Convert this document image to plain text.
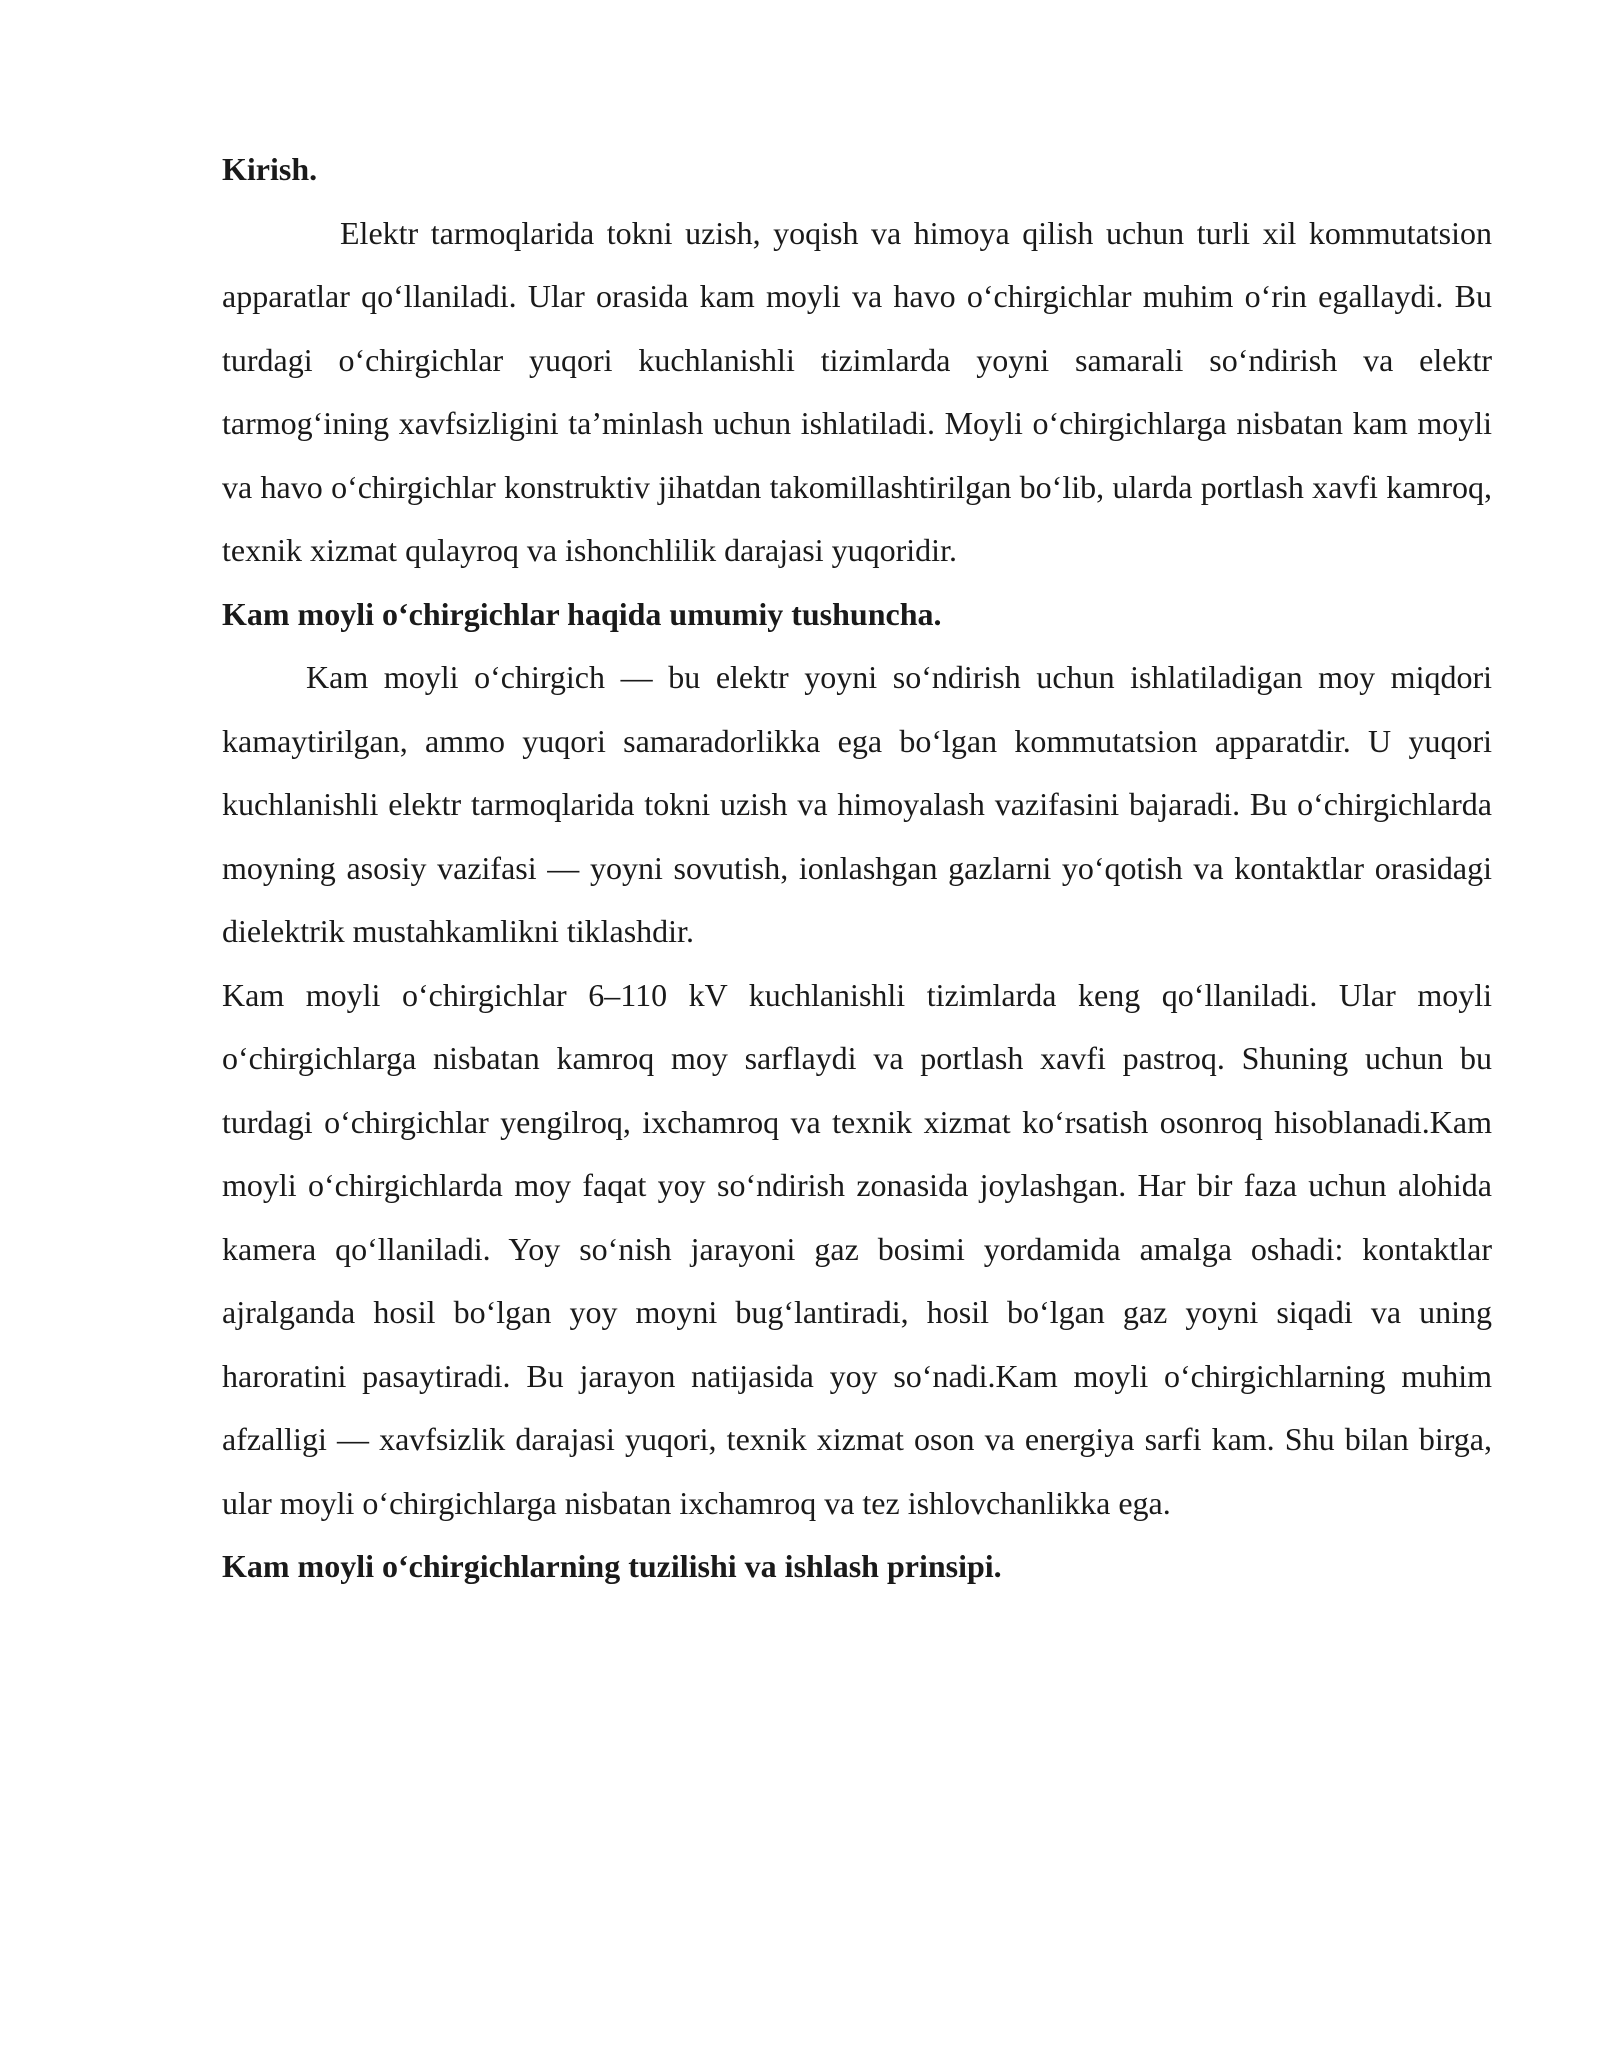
Kirish.

Elektr tarmoqlarida tokni uzish, yoqish va himoya qilish uchun turli xil kommutatsion apparatlar qo‘llaniladi. Ular orasida kam moyli va havo o‘chirgichlar muhim o‘rin egallaydi. Bu turdagi o‘chirgichlar yuqori kuchlanishli tizimlarda yoyni samarali so‘ndirish va elektr tarmog‘ining xavfsizligini ta’minlash uchun ishlatiladi. Moyli o‘chirgichlarga nisbatan kam moyli va havo o‘chirgichlar konstruktiv jihatdan takomillashtirilgan bo‘lib, ularda portlash xavfi kamroq, texnik xizmat qulayroq va ishonchlilik darajasi yuqoridir.

Kam moyli o‘chirgichlar haqida umumiy tushuncha.

Kam moyli o‘chirgich — bu elektr yoyni so‘ndirish uchun ishlatiladigan moy miqdori kamaytirilgan, ammo yuqori samaradorlikka ega bo‘lgan kommutatsion apparatdir. U yuqori kuchlanishli elektr tarmoqlarida tokni uzish va himoyalash vazifasini bajaradi. Bu o‘chirgichlarda moyning asosiy vazifasi — yoyni sovutish, ionlashgan gazlarni yo‘qotish va kontaktlar orasidagi dielektrik mustahkamlikni tiklashdir.

Kam moyli o‘chirgichlar 6–110 kV kuchlanishli tizimlarda keng qo‘llaniladi. Ular moyli o‘chirgichlarga nisbatan kamroq moy sarflaydi va portlash xavfi pastroq. Shuning uchun bu turdagi o‘chirgichlar yengilroq, ixchamroq va texnik xizmat ko‘rsatish osonroq hisoblanadi.Kam moyli o‘chirgichlarda moy faqat yoy so‘ndirish zonasida joylashgan. Har bir faza uchun alohida kamera qo‘llaniladi. Yoy so‘nish jarayoni gaz bosimi yordamida amalga oshadi: kontaktlar ajralganda hosil bo‘lgan yoy moyni bug‘lantiradi, hosil bo‘lgan gaz yoyni siqadi va uning haroratini pasaytiradi. Bu jarayon natijasida yoy so‘nadi.Kam moyli o‘chirgichlarning muhim afzalligi — xavfsizlik darajasi yuqori, texnik xizmat oson va energiya sarfi kam. Shu bilan birga, ular moyli o‘chirgichlarga nisbatan ixchamroq va tez ishlovchanlikka ega.

Kam moyli o‘chirgichlarning tuzilishi va ishlash prinsipi.
